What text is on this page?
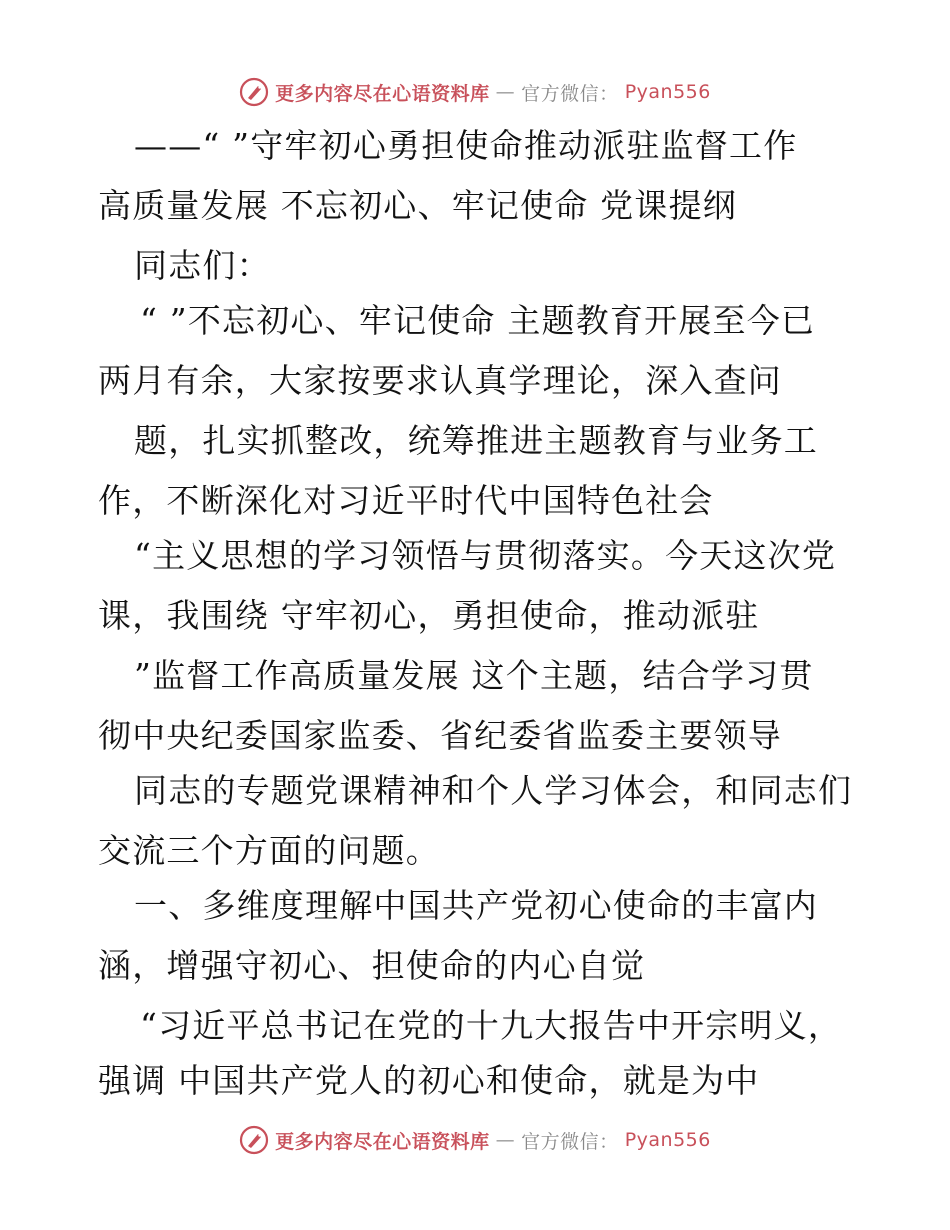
更多内容尽在心语资料库 — 官方微信： Pyan556
——“ ”守牢初心勇担使命推动派驻监督工作
高质量发展 不忘初心、牢记使命 党课提纲
同志们：
“ ”不忘初心、牢记使命 主题教育开展至今已
两月有余，大家按要求认真学理论，深入查问
题，扎实抓整改，统筹推进主题教育与业务工
作，不断深化对习近平时代中国特色社会
“主义思想的学习领悟与贯彻落实。今天这次党
课，我围绕 守牢初心，勇担使命，推动派驻
”监督工作高质量发展 这个主题，结合学习贯
彻中央纪委国家监委、省纪委省监委主要领导
同志的专题党课精神和个人学习体会，和同志们
交流三个方面的问题。
一、多维度理解中国共产党初心使命的丰富内
涵，增强守初心、担使命的内心自觉
“习近平总书记在党的十九大报告中开宗明义，
强调 中国共产党人的初心和使命，就是为中
更多内容尽在心语资料库 — 官方微信： Pyan556
